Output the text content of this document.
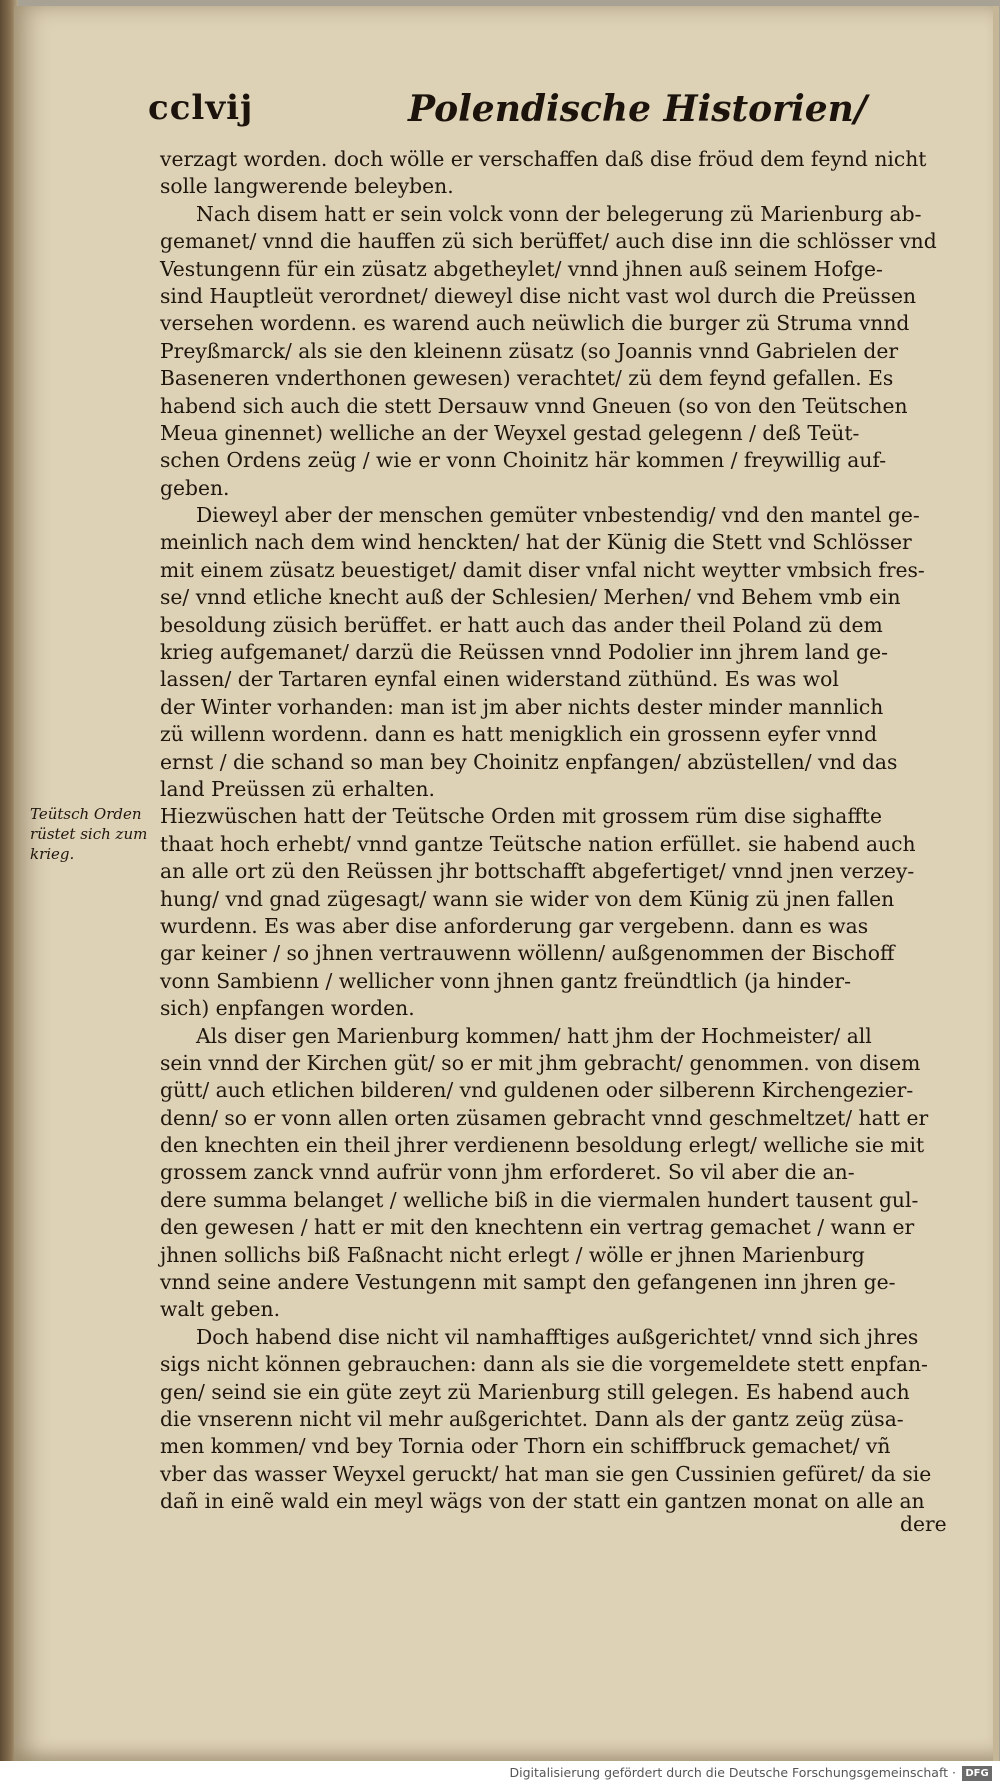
cclvij	Polendische Historien/
Teütsch Orden
rüstet sich zum
krieg.
verzagt worden. doch wölle er verschaffen daß dise fröud dem feynd nicht
solle langwerende beleyben.
Nach disem hatt er sein volck vonn der belegerung zü Marienburg ab-
gemanet/ vnnd die hauffen zü sich berüffet/ auch dise inn die schlösser vnd
Vestungenn für ein züsatz abgetheylet/ vnnd jhnen auß seinem Hofge-
sind Hauptleüt verordnet/ dieweyl dise nicht vast wol durch die Preüssen
versehen wordenn. es warend auch neüwlich die burger zü Struma vnnd
Preyßmarck/ als sie den kleinenn züsatz (so Joannis vnnd Gabrielen der
Baseneren vnderthonen gewesen) verachtet/ zü dem feynd gefallen. Es
habend sich auch die stett Dersauw vnnd Gneuen (so von den Teütschen
Meua ginennet) welliche an der Weyxel gestad gelegenn / deß Teüt-
schen Ordens zeüg / wie er vonn Choinitz här kommen / freywillig auf-
geben.
Dieweyl aber der menschen gemüter vnbestendig/ vnd den mantel ge-
meinlich nach dem wind henckten/ hat der Künig die Stett vnd Schlösser
mit einem züsatz beuestiget/ damit diser vnfal nicht weytter vmbsich fres-
se/ vnnd etliche knecht auß der Schlesien/ Merhen/ vnd Behem vmb ein
besoldung züsich berüffet. er hatt auch das ander theil Poland zü dem
krieg aufgemanet/ darzü die Reüssen vnnd Podolier inn jhrem land ge-
lassen/ der Tartaren eynfal einen widerstand züthünd. Es was wol
der Winter vorhanden: man ist jm aber nichts dester minder mannlich
zü willenn wordenn. dann es hatt menigklich ein grossenn eyfer vnnd
ernst / die schand so man bey Choinitz enpfangen/ abzüstellen/ vnd das
land Preüssen zü erhalten.
Hiezwüschen hatt der Teütsche Orden mit grossem rüm dise sighaffte
thaat hoch erhebt/ vnnd gantze Teütsche nation erfüllet. sie habend auch
an alle ort zü den Reüssen jhr bottschafft abgefertiget/ vnnd jnen verzey-
hung/ vnd gnad zügesagt/ wann sie wider von dem Künig zü jnen fallen
wurdenn. Es was aber dise anforderung gar vergebenn. dann es was
gar keiner / so jhnen vertrauwenn wöllenn/ außgenommen der Bischoff
vonn Sambienn / wellicher vonn jhnen gantz freündtlich (ja hinder-
sich) enpfangen worden.
Als diser gen Marienburg kommen/ hatt jhm der Hochmeister/ all
sein vnnd der Kirchen güt/ so er mit jhm gebracht/ genommen. von disem
gütt/ auch etlichen bilderen/ vnd guldenen oder silberenn Kirchengezier-
denn/ so er vonn allen orten züsamen gebracht vnnd geschmeltzet/ hatt er
den knechten ein theil jhrer verdienenn besoldung erlegt/ welliche sie mit
grossem zanck vnnd aufrür vonn jhm erforderet. So vil aber die an-
dere summa belanget / welliche biß in die viermalen hundert tausent gul-
den gewesen / hatt er mit den knechtenn ein vertrag gemachet / wann er
jhnen sollichs biß Faßnacht nicht erlegt / wölle er jhnen Marienburg
vnnd seine andere Vestungenn mit sampt den gefangenen inn jhren ge-
walt geben.
Doch habend dise nicht vil namhafftiges außgerichtet/ vnnd sich jhres
sigs nicht können gebrauchen: dann als sie die vorgemeldete stett enpfan-
gen/ seind sie ein güte zeyt zü Marienburg still gelegen. Es habend auch
die vnserenn nicht vil mehr außgerichtet. Dann als der gantz zeüg züsa-
men kommen/ vnd bey Tornia oder Thorn ein schiffbruck gemachet/ vñ
vber das wasser Weyxel geruckt/ hat man sie gen Cussinien gefüret/ da sie
dañ in einẽ wald ein meyl wägs von der statt ein gantzen monat on alle an
dere
Digitalisierung gefördert durch die Deutsche Forschungsgemeinschaft · DFG
